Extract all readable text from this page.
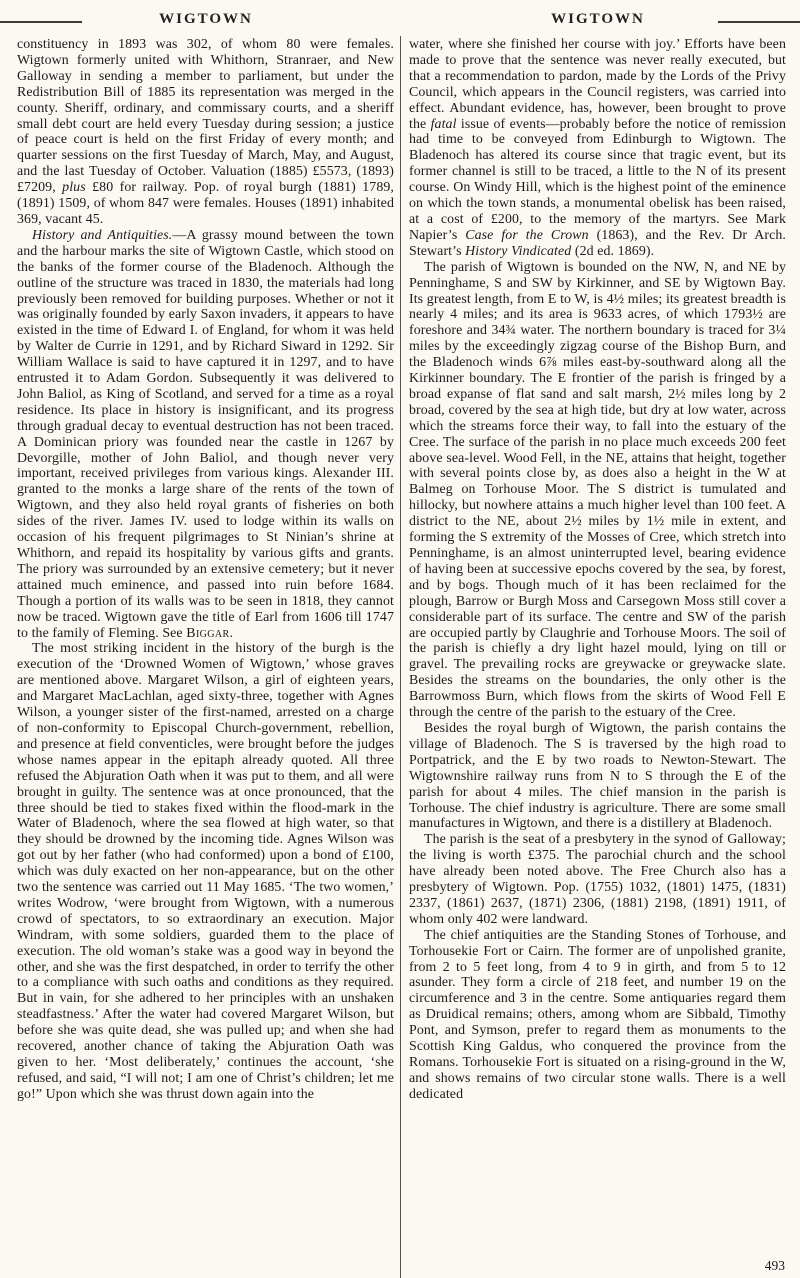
WIGTOWN	WIGTOWN

constituency in 1893 was 302, of whom 80 were females. Wigtown formerly united with Whithorn, Stranraer, and New Galloway in sending a member to parliament, but under the Redistribution Bill of 1885 its representation was merged in the county. Sheriff, ordinary, and commissary courts, and a sheriff small debt court are held every Tuesday during session; a justice of peace court is held on the first Friday of every month; and quarter sessions on the first Tuesday of March, May, and August, and the last Tuesday of October. Valuation (1885) £5573, (1893) £7209, plus £80 for railway. Pop. of royal burgh (1881) 1789, (1891) 1509, of whom 847 were females. Houses (1891) inhabited 369, vacant 45.

History and Antiquities.—A grassy mound between the town and the harbour marks the site of Wigtown Castle, which stood on the banks of the former course of the Bladenoch. Although the outline of the structure was traced in 1830, the materials had long previously been removed for building purposes. Whether or not it was originally founded by early Saxon invaders, it appears to have existed in the time of Edward I. of England, for whom it was held by Walter de Currie in 1291, and by Richard Siward in 1292. Sir William Wallace is said to have captured it in 1297, and to have entrusted it to Adam Gordon. Subsequently it was delivered to John Baliol, as King of Scotland, and served for a time as a royal residence. Its place in history is insignificant, and its progress through gradual decay to eventual destruction has not been traced. A Dominican priory was founded near the castle in 1267 by Devorgille, mother of John Baliol, and though never very important, received privileges from various kings. Alexander III. granted to the monks a large share of the rents of the town of Wigtown, and they also held royal grants of fisheries on both sides of the river. James IV. used to lodge within its walls on occasion of his frequent pilgrimages to St Ninian’s shrine at Whithorn, and repaid its hospitality by various gifts and grants. The priory was surrounded by an extensive cemetery; but it never attained much eminence, and passed into ruin before 1684. Though a portion of its walls was to be seen in 1818, they cannot now be traced. Wigtown gave the title of Earl from 1606 till 1747 to the family of Fleming. See Biggar.

The most striking incident in the history of the burgh is the execution of the ‘Drowned Women of Wigtown,’ whose graves are mentioned above. Margaret Wilson, a girl of eighteen years, and Margaret MacLachlan, aged sixty-three, together with Agnes Wilson, a younger sister of the first-named, arrested on a charge of non-conformity to Episcopal Church-government, rebellion, and presence at field conventicles, were brought before the judges whose names appear in the epitaph already quoted. All three refused the Abjuration Oath when it was put to them, and all were brought in guilty. The sentence was at once pronounced, that the three should be tied to stakes fixed within the flood-mark in the Water of Bladenoch, where the sea flowed at high water, so that they should be drowned by the incoming tide. Agnes Wilson was got out by her father (who had conformed) upon a bond of £100, which was duly exacted on her non-appearance, but on the other two the sentence was carried out 11 May 1685. ‘The two women,’ writes Wodrow, ‘were brought from Wigtown, with a numerous crowd of spectators, to so extraordinary an execution. Major Windram, with some soldiers, guarded them to the place of execution. The old woman’s stake was a good way in beyond the other, and she was the first despatched, in order to terrify the other to a compliance with such oaths and conditions as they required. But in vain, for she adhered to her principles with an unshaken steadfastness.’ After the water had covered Margaret Wilson, but before she was quite dead, she was pulled up; and when she had recovered, another chance of taking the Abjuration Oath was given to her. ‘Most deliberately,’ continues the account, ‘she refused, and said, “I will not; I am one of Christ’s children; let me go!” Upon which she was thrust down again into the

water, where she finished her course with joy.’ Efforts have been made to prove that the sentence was never really executed, but that a recommendation to pardon, made by the Lords of the Privy Council, which appears in the Council registers, was carried into effect. Abundant evidence, has, however, been brought to prove the fatal issue of events—probably before the notice of remission had time to be conveyed from Edinburgh to Wigtown. The Bladenoch has altered its course since that tragic event, but its former channel is still to be traced, a little to the N of its present course. On Windy Hill, which is the highest point of the eminence on which the town stands, a monumental obelisk has been raised, at a cost of £200, to the memory of the martyrs. See Mark Napier’s Case for the Crown (1863), and the Rev. Dr Arch. Stewart’s History Vindicated (2d ed. 1869).

The parish of Wigtown is bounded on the NW, N, and NE by Penninghame, S and SW by Kirkinner, and SE by Wigtown Bay. Its greatest length, from E to W, is 4½ miles; its greatest breadth is nearly 4 miles; and its area is 9633 acres, of which 1793½ are foreshore and 34¾ water. The northern boundary is traced for 3¼ miles by the exceedingly zigzag course of the Bishop Burn, and the Bladenoch winds 6⅞ miles east-by-southward along all the Kirkinner boundary. The E frontier of the parish is fringed by a broad expanse of flat sand and salt marsh, 2½ miles long by 2 broad, covered by the sea at high tide, but dry at low water, across which the streams force their way, to fall into the estuary of the Cree. The surface of the parish in no place much exceeds 200 feet above sea-level. Wood Fell, in the NE, attains that height, together with several points close by, as does also a height in the W at Balmeg on Torhouse Moor. The S district is tumulated and hillocky, but nowhere attains a much higher level than 100 feet. A district to the NE, about 2½ miles by 1½ mile in extent, and forming the S extremity of the Mosses of Cree, which stretch into Penninghame, is an almost uninterrupted level, bearing evidence of having been at successive epochs covered by the sea, by forest, and by bogs. Though much of it has been reclaimed for the plough, Barrow or Burgh Moss and Carsegown Moss still cover a considerable part of its surface. The centre and SW of the parish are occupied partly by Claughrie and Torhouse Moors. The soil of the parish is chiefly a dry light hazel mould, lying on till or gravel. The prevailing rocks are greywacke or greywacke slate. Besides the streams on the boundaries, the only other is the Barrowmoss Burn, which flows from the skirts of Wood Fell E through the centre of the parish to the estuary of the Cree.

Besides the royal burgh of Wigtown, the parish contains the village of Bladenoch. The S is traversed by the high road to Portpatrick, and the E by two roads to Newton-Stewart. The Wigtownshire railway runs from N to S through the E of the parish for about 4 miles. The chief mansion in the parish is Torhouse. The chief industry is agriculture. There are some small manufactures in Wigtown, and there is a distillery at Bladenoch.

The parish is the seat of a presbytery in the synod of Galloway; the living is worth £375. The parochial church and the school have already been noted above. The Free Church also has a presbytery of Wigtown. Pop. (1755) 1032, (1801) 1475, (1831) 2337, (1861) 2637, (1871) 2306, (1881) 2198, (1891) 1911, of whom only 402 were landward.

The chief antiquities are the Standing Stones of Torhouse, and Torhousekie Fort or Cairn. The former are of unpolished granite, from 2 to 5 feet long, from 4 to 9 in girth, and from 5 to 12 asunder. They form a circle of 218 feet, and number 19 on the circumference and 3 in the centre. Some antiquaries regard them as Druidical remains; others, among whom are Sibbald, Timothy Pont, and Symson, prefer to regard them as monuments to the Scottish King Galdus, who conquered the province from the Romans. Torhousekie Fort is situated on a rising-ground in the W, and shows remains of two circular stone walls. There is a well dedicated

493
